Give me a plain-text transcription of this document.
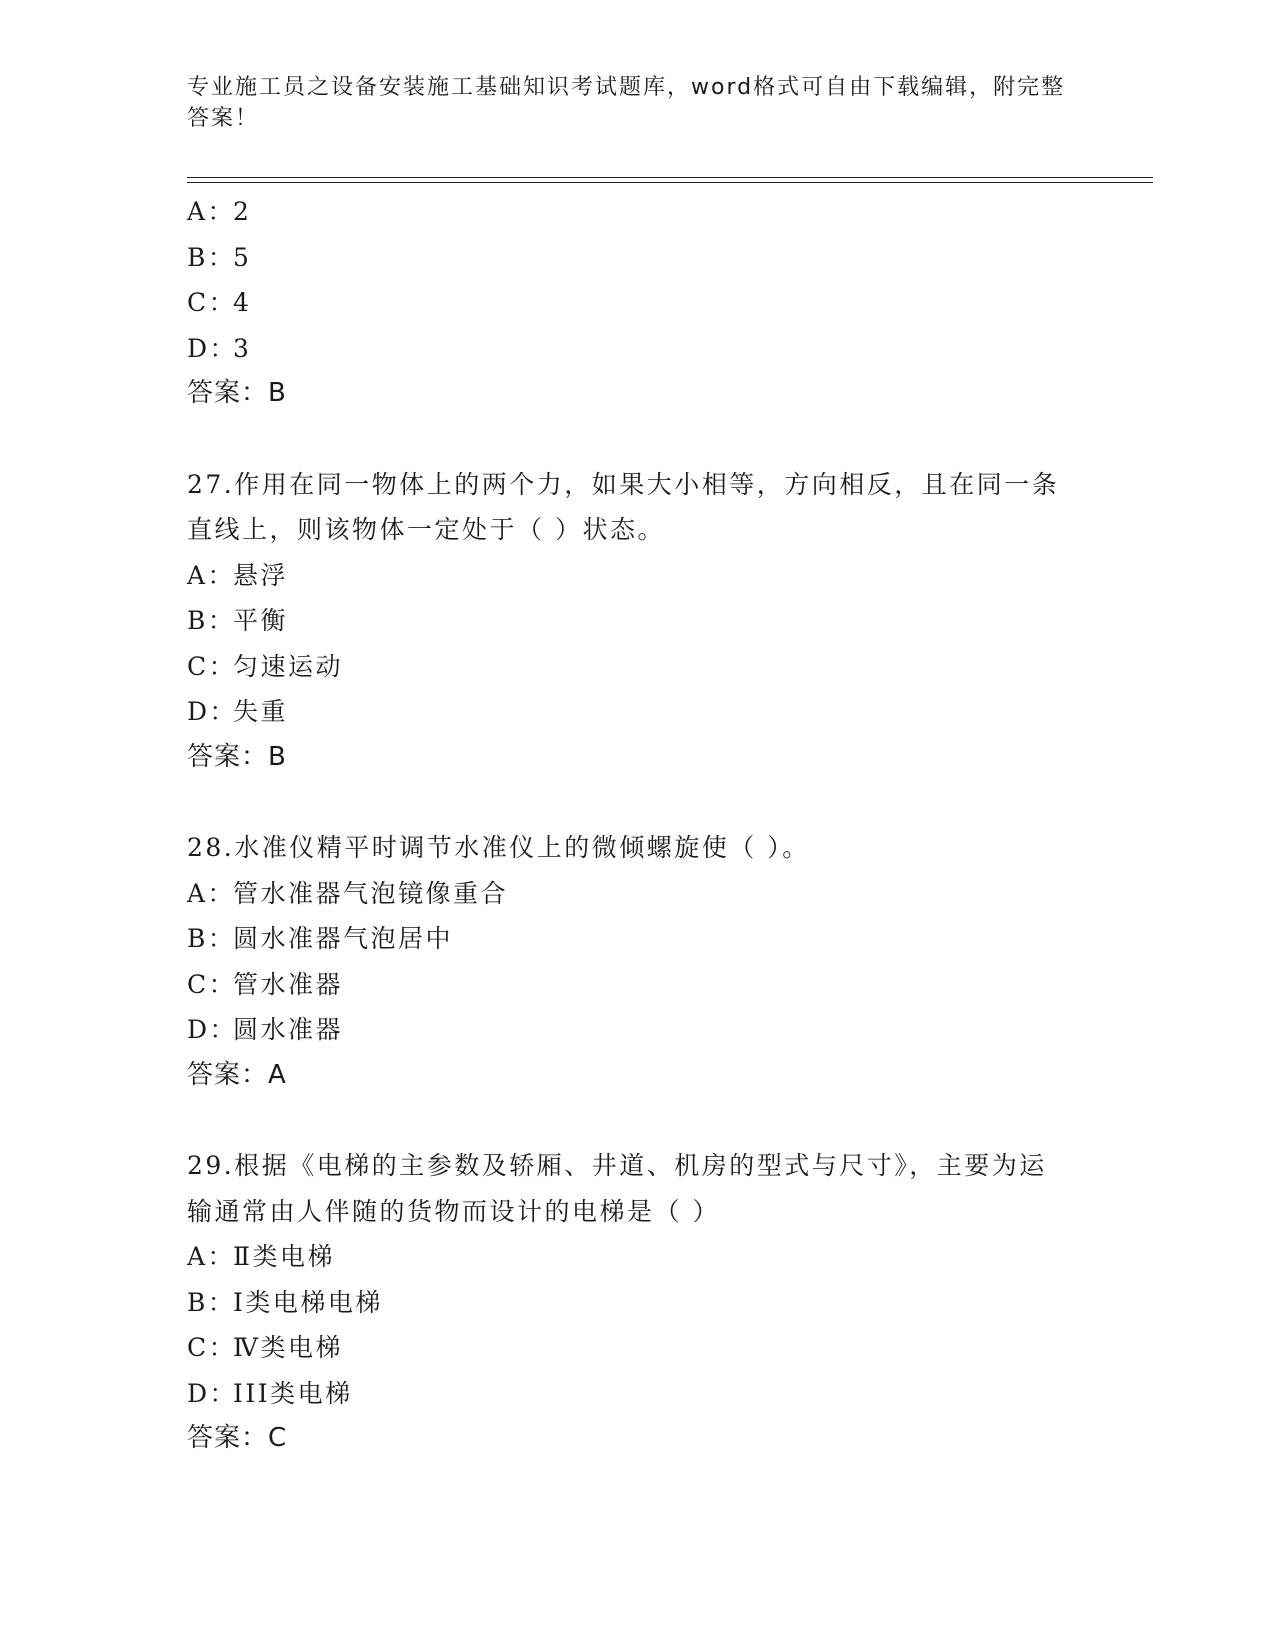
专业施工员之设备安装施工基础知识考试题库，word格式可自由下载编辑，附完整答案！
A：2
B：5
C：4
D：3
答案：B
27.作用在同一物体上的两个力，如果大小相等，方向相反，且在同一条直线上，则该物体一定处于（ ）状态。
A：悬浮
B：平衡
C：匀速运动
D：失重
答案：B
28.水准仪精平时调节水准仪上的微倾螺旋使（ ）。
A：管水准器气泡镜像重合
B：圆水准器气泡居中
C：管水准器
D：圆水准器
答案：A
29.根据《电梯的主参数及轿厢、井道、机房的型式与尺寸》，主要为运输通常由人伴随的货物而设计的电梯是（ ）
A：Ⅱ类电梯
B：Ⅰ类电梯电梯
C：Ⅳ类电梯
D：III类电梯
答案：C
